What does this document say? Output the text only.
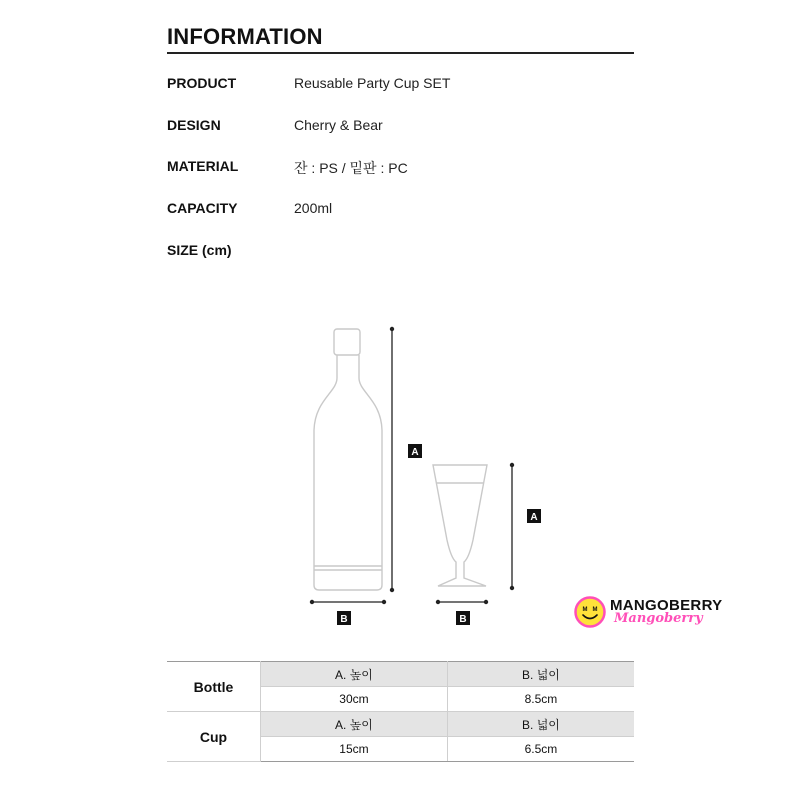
INFORMATION
PRODUCT	Reusable Party Cup SET
DESIGN	Cherry & Bear
MATERIAL	잔 : PS / 밑판 : PC
CAPACITY	200ml
SIZE (cm)
A
B
A
B
M M MANGOBERRY
Mangoberry
Bottle	A. 높이	B. 넓이
	30cm	8.5cm
Cup	A. 높이	B. 넓이
	15cm	6.5cm
